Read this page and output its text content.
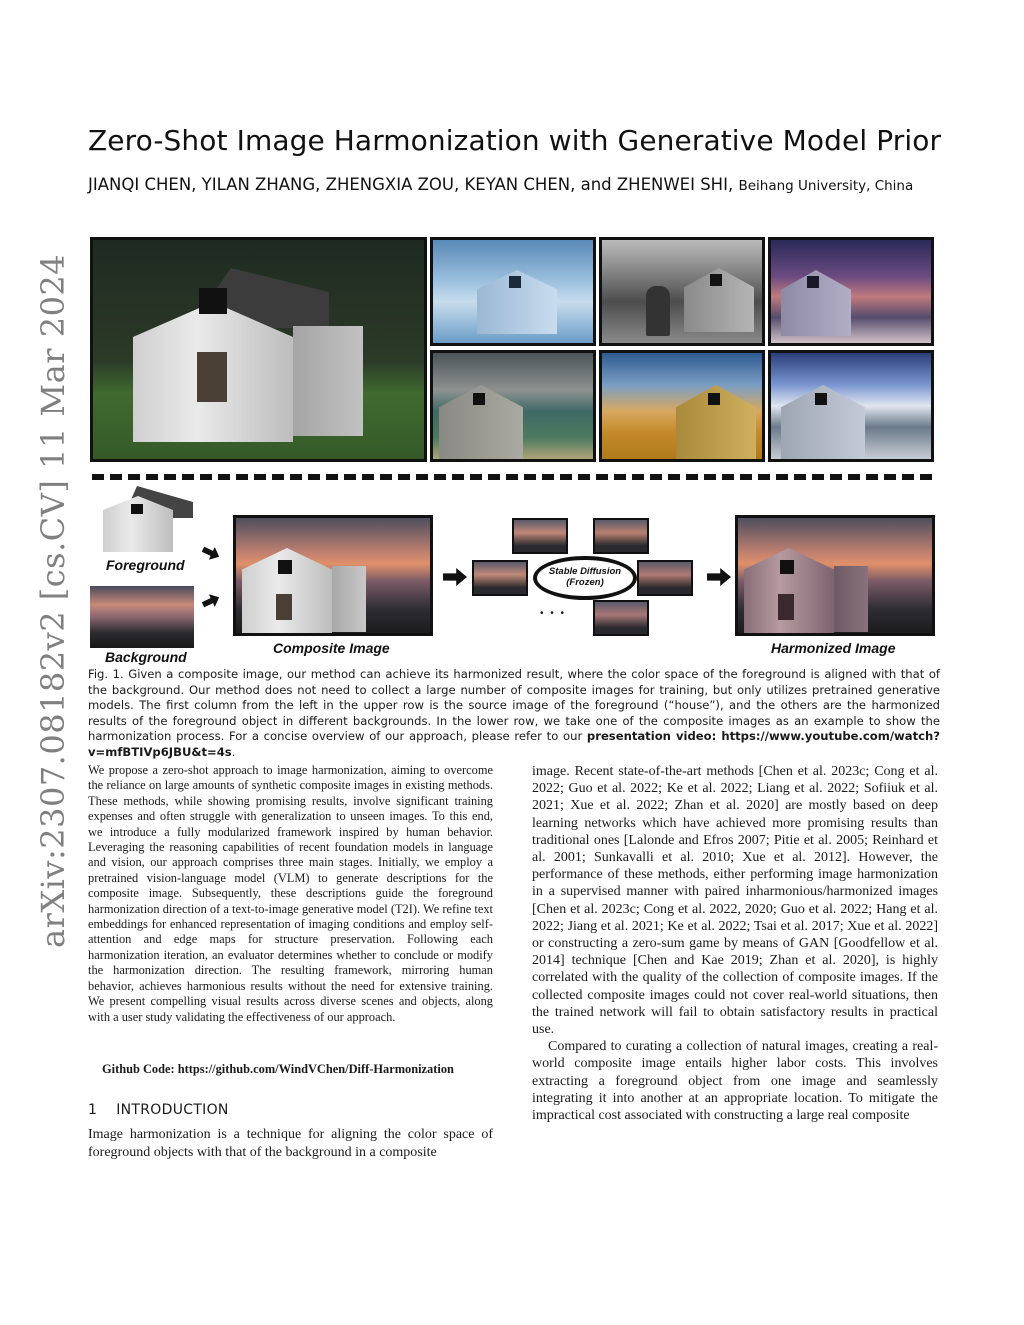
arXiv:2307.08182v2 [cs.CV] 11 Mar 2024
Zero-Shot Image Harmonization with Generative Model Prior
JIANQI CHEN, YILAN ZHANG, ZHENGXIA ZOU, KEYAN CHEN, and ZHENWEI SHI, Beihang University, China
Foreground
Background
Composite Image
Stable Diffusion
(Frozen)
• • •
Harmonized Image
Fig. 1. Given a composite image, our method can achieve its harmonized result, where the color space of the foreground is aligned with that of the background. Our method does not need to collect a large number of composite images for training, but only utilizes pretrained generative models. The first column from the left in the upper row is the source image of the foreground (“house”), and the others are the harmonized results of the foreground object in different backgrounds. In the lower row, we take one of the composite images as an example to show the harmonization process. For a concise overview of our approach, please refer to our presentation video: https://www.youtube.com/watch?v=mfBTIVp6JBU&t=4s.
We propose a zero-shot approach to image harmonization, aiming to overcome the reliance on large amounts of synthetic composite images in existing methods. These methods, while showing promising results, involve significant training expenses and often struggle with generalization to unseen images. To this end, we introduce a fully modularized framework inspired by human behavior. Leveraging the reasoning capabilities of recent foundation models in language and vision, our approach comprises three main stages. Initially, we employ a pretrained vision-language model (VLM) to generate descriptions for the composite image. Subsequently, these descriptions guide the foreground harmonization direction of a text-to-image generative model (T2I). We refine text embeddings for enhanced representation of imaging conditions and employ self-attention and edge maps for structure preservation. Following each harmonization iteration, an evaluator determines whether to conclude or modify the harmonization direction. The resulting framework, mirroring human behavior, achieves harmonious results without the need for extensive training. We present compelling visual results across diverse scenes and objects, along with a user study validating the effectiveness of our approach.
Github Code: https://github.com/WindVChen/Diff-Harmonization
1    INTRODUCTION
Image harmonization is a technique for aligning the color space of foreground objects with that of the background in a composite

image. Recent state-of-the-art methods [Chen et al. 2023c; Cong et al. 2022; Guo et al. 2022; Ke et al. 2022; Liang et al. 2022; Sofiiuk et al. 2021; Xue et al. 2022; Zhan et al. 2020] are mostly based on deep learning networks which have achieved more promising results than traditional ones [Lalonde and Efros 2007; Pitie et al. 2005; Reinhard et al. 2001; Sunkavalli et al. 2010; Xue et al. 2012]. However, the performance of these methods, either performing image harmonization in a supervised manner with paired inharmonious/harmonized images [Chen et al. 2023c; Cong et al. 2022, 2020; Guo et al. 2022; Hang et al. 2022; Jiang et al. 2021; Ke et al. 2022; Tsai et al. 2017; Xue et al. 2022] or constructing a zero-sum game by means of GAN [Goodfellow et al. 2014] technique [Chen and Kae 2019; Zhan et al. 2020], is highly correlated with the quality of the collection of composite images. If the collected composite images could not cover real-world situations, then the trained network will fail to obtain satisfactory results in practical use.

Compared to curating a collection of natural images, creating a real-world composite image entails higher labor costs. This involves extracting a foreground object from one image and seamlessly integrating it into another at an appropriate location. To mitigate the impractical cost associated with constructing a large real composite
